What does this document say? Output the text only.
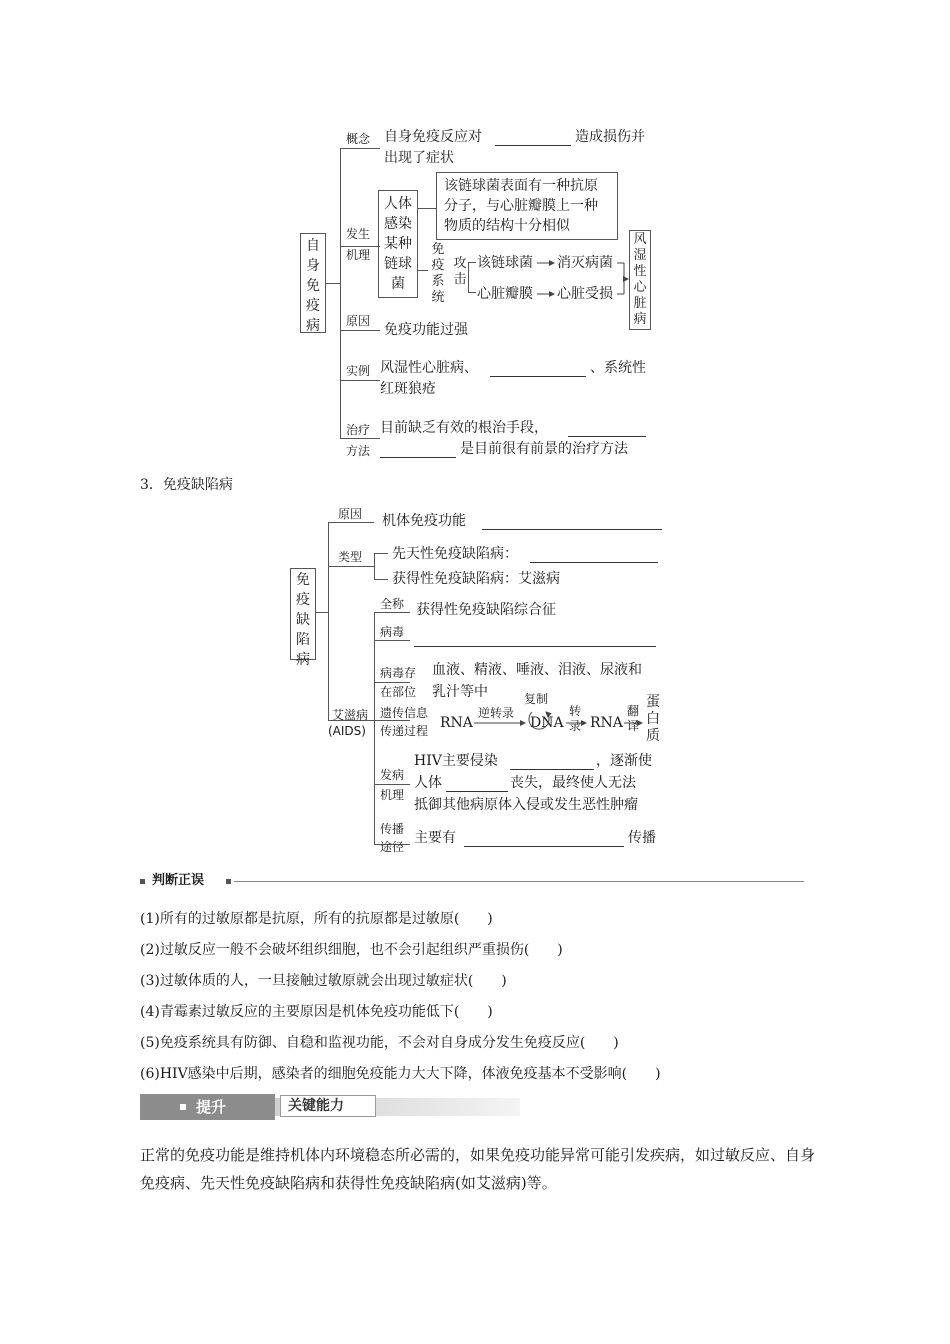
自身免疫病
概念 自身免疫反应对	造成损伤并
出现了症状
发生
机理
人体感染某种链球菌
该链球菌表面有一种抗原
分子，与心脏瓣膜上一种
物质的结构十分相似
免疫系统
攻击
该链球菌 消灭病菌
心脏瓣膜 心脏受损
风湿性心脏病
原因
免疫功能过强
实例 风湿性心脏病、	、系统性
红斑狼疮
治疗
方法
目前缺乏有效的根治手段，
是目前很有前景的治疗方法
3．免疫缺陷病
免疫缺陷病
原因 机体免疫功能
类型 先天性免疫缺陷病：
获得性免疫缺陷病：艾滋病
艾滋病
(AIDS)
全称 获得性免疫缺陷综合征
病毒
病毒存
在部位
血液、精液、唾液、泪液、尿液和
乳汁等中
遗传信息
传递过程 RNA
逆转录
复制
DNA
转录 RNA
翻译
蛋白质
发病
机理
HIV主要侵染	，逐渐使
人体	丧失，最终使人无法
抵御其他病原体入侵或发生恶性肿瘤
传播
途径
主要有	传播
判断正误
(1)所有的过敏原都是抗原，所有的抗原都是过敏原(　　)
(2)过敏反应一般不会破坏组织细胞，也不会引起组织严重损伤(　　)
(3)过敏体质的人，一旦接触过敏原就会出现过敏症状(　　)
(4)青霉素过敏反应的主要原因是机体免疫功能低下(　　)
(5)免疫系统具有防御、自稳和监视功能，不会对自身成分发生免疫反应(　　)
(6)HIV感染中后期，感染者的细胞免疫能力大大下降，体液免疫基本不受影响(　　)
提升	关键能力
正常的免疫功能是维持机体内环境稳态所必需的，如果免疫功能异常可能引发疾病，如过敏反应、自身免疫病、先天性免疫缺陷病和获得性免疫缺陷病(如艾滋病)等。
